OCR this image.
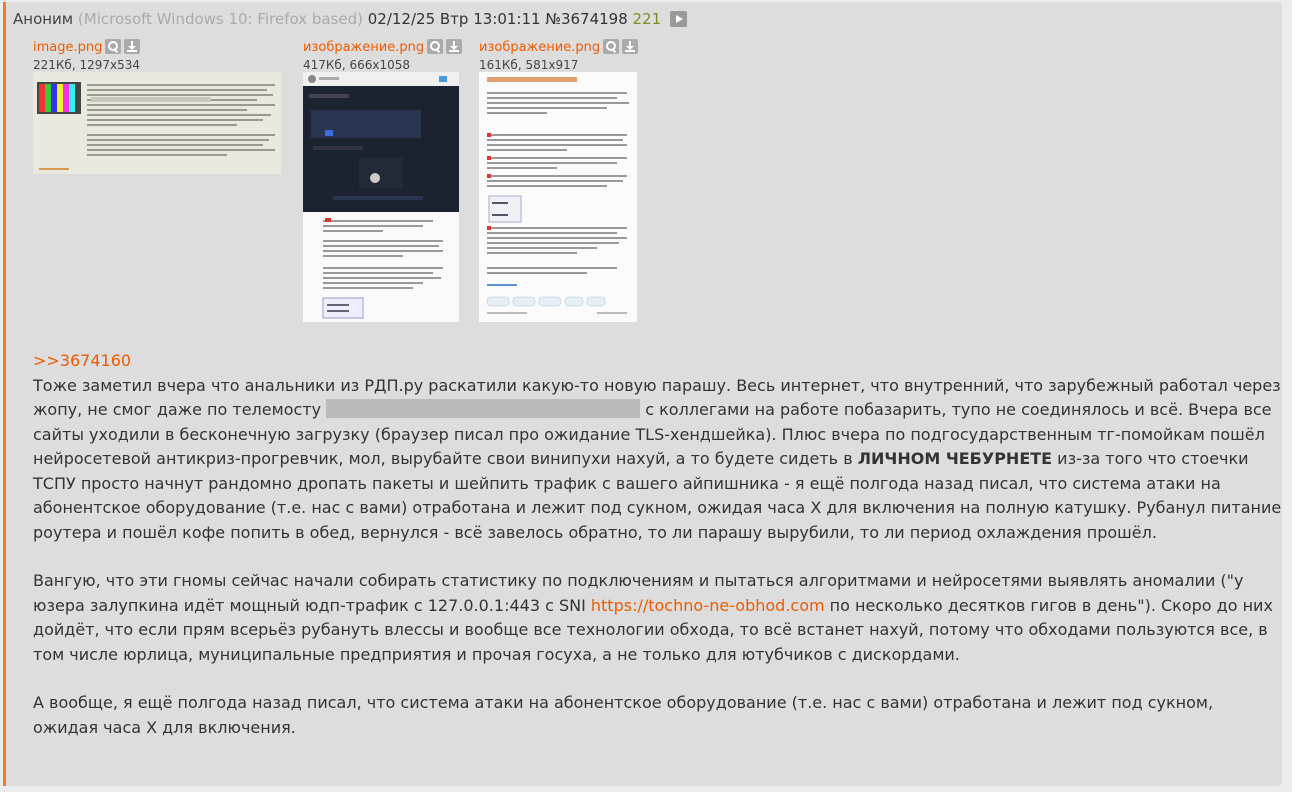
Аноним (Microsoft Windows 10: Firefox based) 02/12/25 Втр 13:01:11 №3674198 221
image.png
221Кб, 1297x534
изображение.png
417Кб, 666x1058
изображение.png
161Кб, 581x917

>>3674160
Тоже заметил вчера что анальники из РДП.ру раскатили какую-то новую парашу. Весь интернет, что внутренний, что зарубежный работал через жопу, не смог даже по телемосту	с коллегами на работе побазарить, тупо не соединялось и всё. Вчера все сайты уходили в бесконечную загрузку (браузер писал про ожидание TLS-хендшейка). Плюс вчера по подгосударственным тг-помойкам пошёл нейросетевой антикриз-прогревчик, мол, вырубайте свои винипухи нахуй, а то будете сидеть в ЛИЧНОМ ЧЕБУРНЕТЕ из-за того что стоечки ТСПУ просто начнут рандомно дропать пакеты и шейпить трафик с вашего айпишника - я ещё полгода назад писал, что система атаки на абонентское оборудование (т.е. нас с вами) отработана и лежит под сукном, ожидая часа Х для включения на полную катушку. Рубанул питание роутера и пошёл кофе попить в обед, вернулся - всё завелось обратно, то ли парашу вырубили, то ли период охлаждения прошёл.

Вангую, что эти гномы сейчас начали собирать статистику по подключениям и пытаться алгоритмами и нейросетями выявлять аномалии ("у юзера залупкина идёт мощный юдп-трафик с 127.0.0.1:443 с SNI https://tochno-ne-obhod.com по несколько десятков гигов в день"). Скоро до них дойдёт, что если прям всерьёз рубануть влессы и вообще все технологии обхода, то всё встанет нахуй, потому что обходами пользуются все, в том числе юрлица, муниципальные предприятия и прочая госуха, а не только для ютубчиков с дискордами.

А вообще, я ещё полгода назад писал, что система атаки на абонентское оборудование (т.е. нас с вами) отработана и лежит под сукном, ожидая часа Х для включения.
